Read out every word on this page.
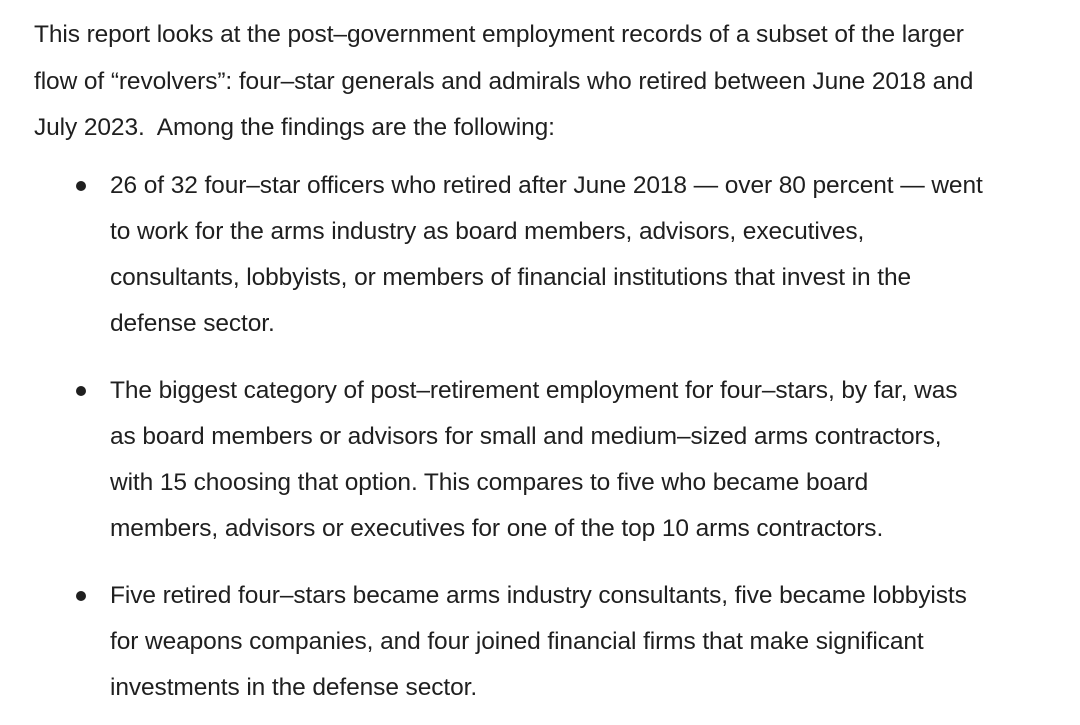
This report looks at the post–government employment records of a subset of the larger
flow of “revolvers”: four–star generals and admirals who retired between June 2018 and
July 2023.  Among the findings are the following:

26 of 32 four–star officers who retired after June 2018 — over 80 percent — went
to work for the arms industry as board members, advisors, executives,
consultants, lobbyists, or members of financial institutions that invest in the
defense sector.
The biggest category of post–retirement employment for four–stars, by far, was
as board members or advisors for small and medium–sized arms contractors,
with 15 choosing that option. This compares to five who became board
members, advisors or executives for one of the top 10 arms contractors.
Five retired four–stars became arms industry consultants, five became lobbyists
for weapons companies, and four joined financial firms that make significant
investments in the defense sector.
